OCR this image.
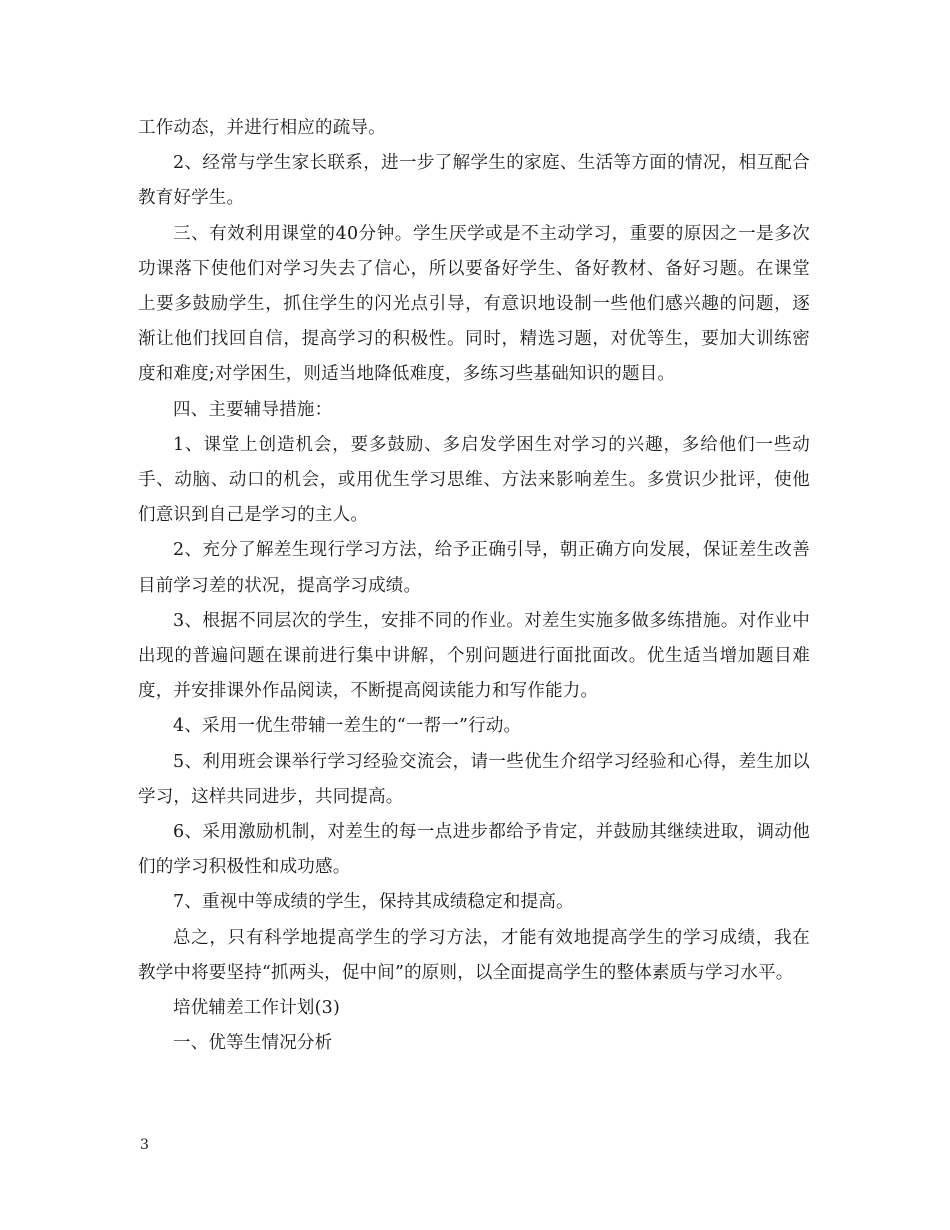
工作动态，并进行相应的疏导。

2、经常与学生家长联系，进一步了解学生的家庭、生活等方面的情况，相互配合教育好学生。

三、有效利用课堂的40分钟。学生厌学或是不主动学习，重要的原因之一是多次功课落下使他们对学习失去了信心，所以要备好学生、备好教材、备好习题。在课堂上要多鼓励学生，抓住学生的闪光点引导，有意识地设制一些他们感兴趣的问题，逐渐让他们找回自信，提高学习的积极性。同时，精选习题，对优等生，要加大训练密度和难度;对学困生，则适当地降低难度，多练习些基础知识的题目。

四、主要辅导措施：

1、课堂上创造机会，要多鼓励、多启发学困生对学习的兴趣，多给他们一些动手、动脑、动口的机会，或用优生学习思维、方法来影响差生。多赏识少批评，使他们意识到自己是学习的主人。

2、充分了解差生现行学习方法，给予正确引导，朝正确方向发展，保证差生改善目前学习差的状况，提高学习成绩。

3、根据不同层次的学生，安排不同的作业。对差生实施多做多练措施。对作业中出现的普遍问题在课前进行集中讲解，个别问题进行面批面改。优生适当增加题目难度，并安排课外作品阅读，不断提高阅读能力和写作能力。

4、采用一优生带辅一差生的“一帮一”行动。

5、利用班会课举行学习经验交流会，请一些优生介绍学习经验和心得，差生加以学习，这样共同进步，共同提高。

6、采用激励机制，对差生的每一点进步都给予肯定，并鼓励其继续进取，调动他们的学习积极性和成功感。

7、重视中等成绩的学生，保持其成绩稳定和提高。

总之，只有科学地提高学生的学习方法，才能有效地提高学生的学习成绩，我在教学中将要坚持“抓两头，促中间”的原则，以全面提高学生的整体素质与学习水平。

培优辅差工作计划(3)

一、优等生情况分析

3
